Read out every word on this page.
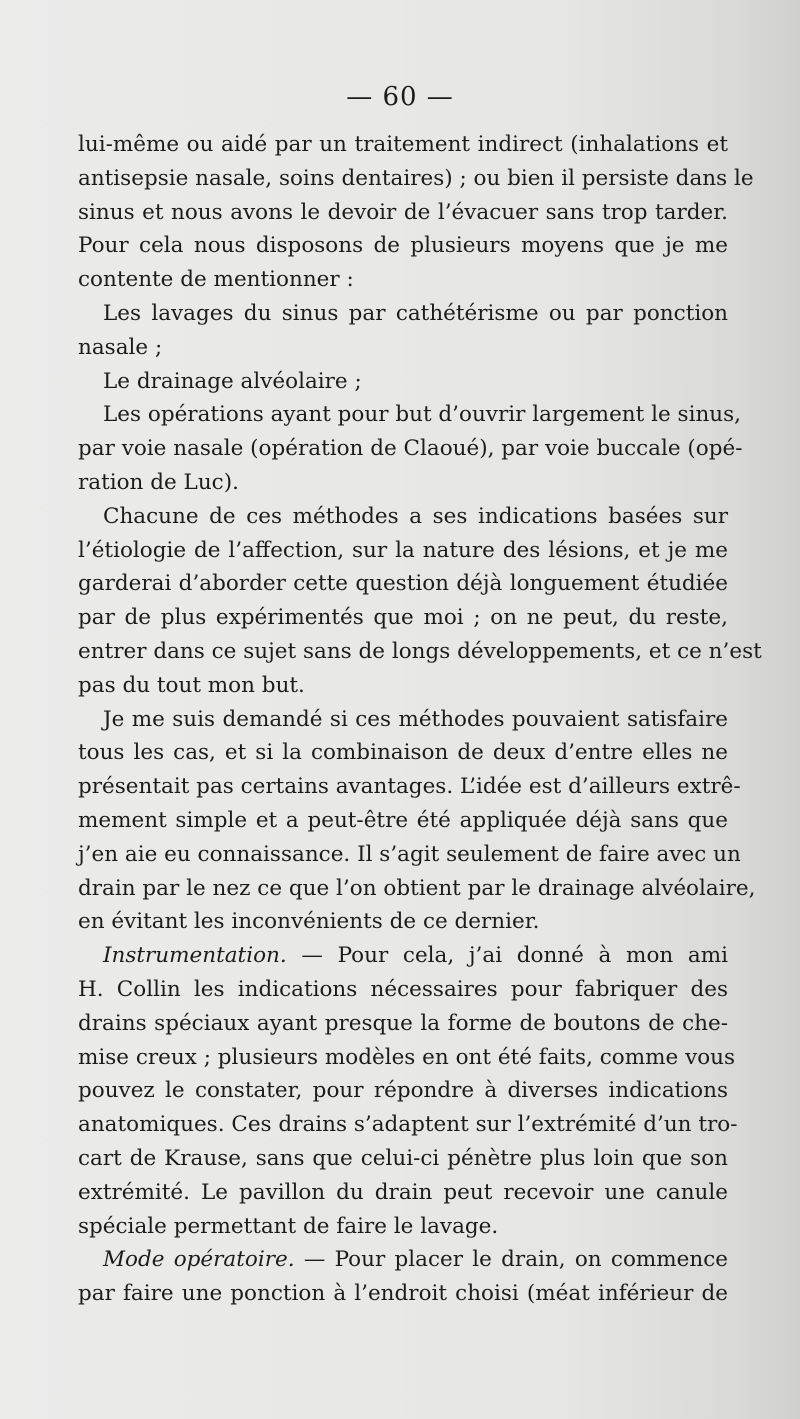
— 60 —
lui-même ou aidé par un traitement indirect (inhalations et
antisepsie nasale, soins dentaires) ; ou bien il persiste dans le
sinus et nous avons le devoir de l’évacuer sans trop tarder.
Pour cela nous disposons de plusieurs moyens que je me
contente de mentionner :
Les lavages du sinus par cathétérisme ou par ponction
nasale ;
Le drainage alvéolaire ;
Les opérations ayant pour but d’ouvrir largement le sinus,
par voie nasale (opération de Claoué), par voie buccale (opé-
ration de Luc).
Chacune de ces méthodes a ses indications basées sur
l’étiologie de l’affection, sur la nature des lésions, et je me
garderai d’aborder cette question déjà longuement étudiée
par de plus expérimentés que moi ; on ne peut, du reste,
entrer dans ce sujet sans de longs développements, et ce n’est
pas du tout mon but.
Je me suis demandé si ces méthodes pouvaient satisfaire
tous les cas, et si la combinaison de deux d’entre elles ne
présentait pas certains avantages. L’idée est d’ailleurs extrê-
mement simple et a peut-être été appliquée déjà sans que
j’en aie eu connaissance. Il s’agit seulement de faire avec un
drain par le nez ce que l’on obtient par le drainage alvéolaire,
en évitant les inconvénients de ce dernier.
Instrumentation. — Pour cela, j’ai donné à mon ami
H. Collin les indications nécessaires pour fabriquer des
drains spéciaux ayant presque la forme de boutons de che-
mise creux ; plusieurs modèles en ont été faits, comme vous
pouvez le constater, pour répondre à diverses indications
anatomiques. Ces drains s’adaptent sur l’extrémité d’un tro-
cart de Krause, sans que celui-ci pénètre plus loin que son
extrémité. Le pavillon du drain peut recevoir une canule
spéciale permettant de faire le lavage.
Mode opératoire. — Pour placer le drain, on commence
par faire une ponction à l’endroit choisi (méat inférieur de
